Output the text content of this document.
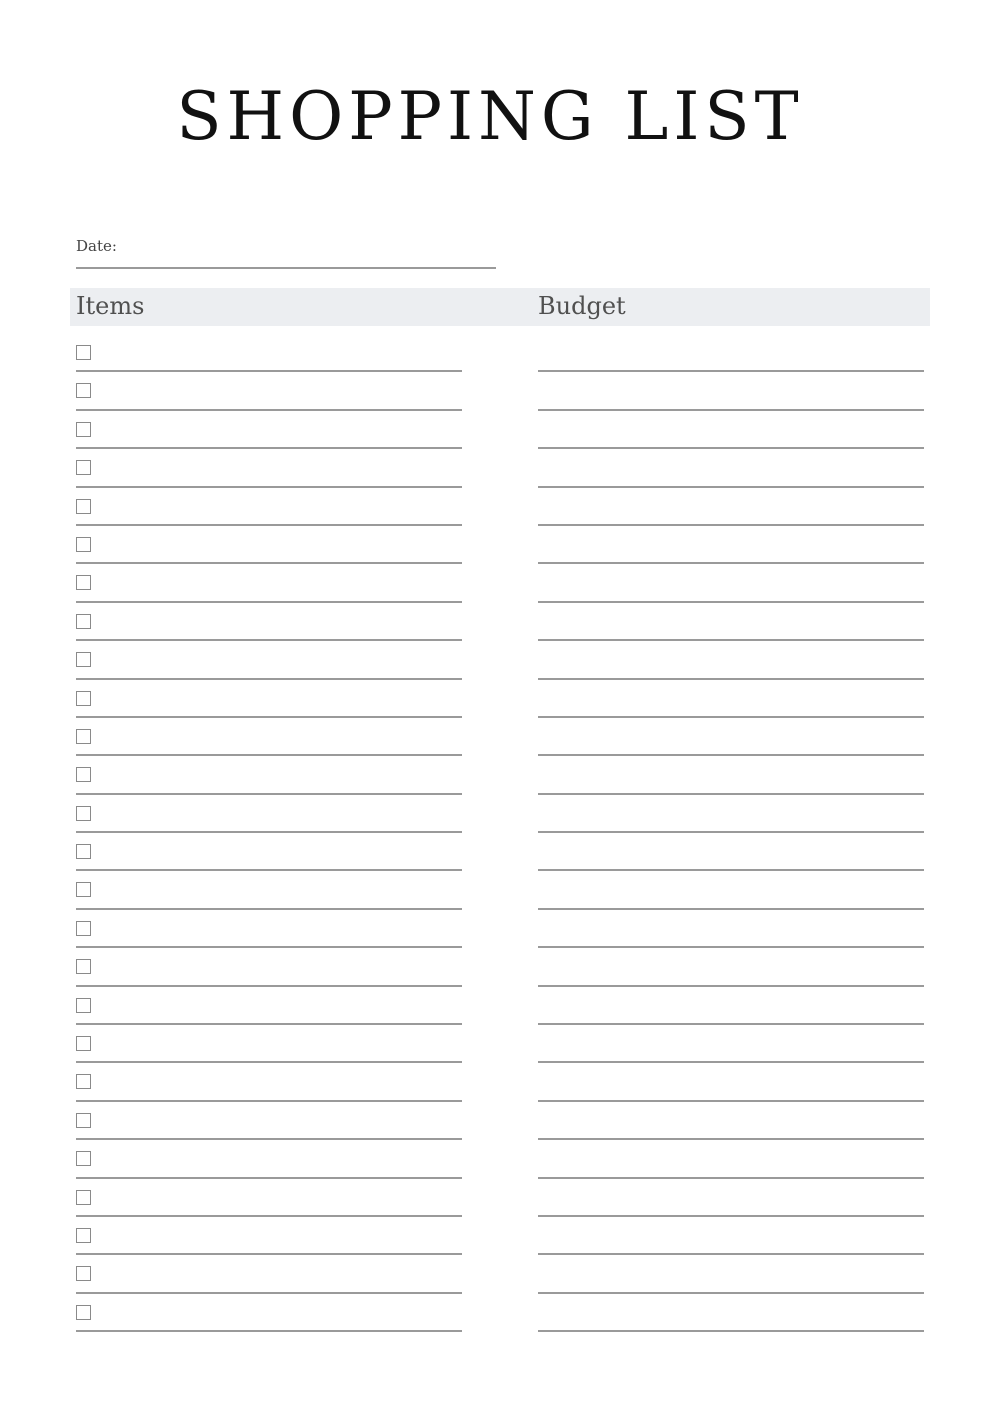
SHOPPING LIST
Date:
Items	Budget
